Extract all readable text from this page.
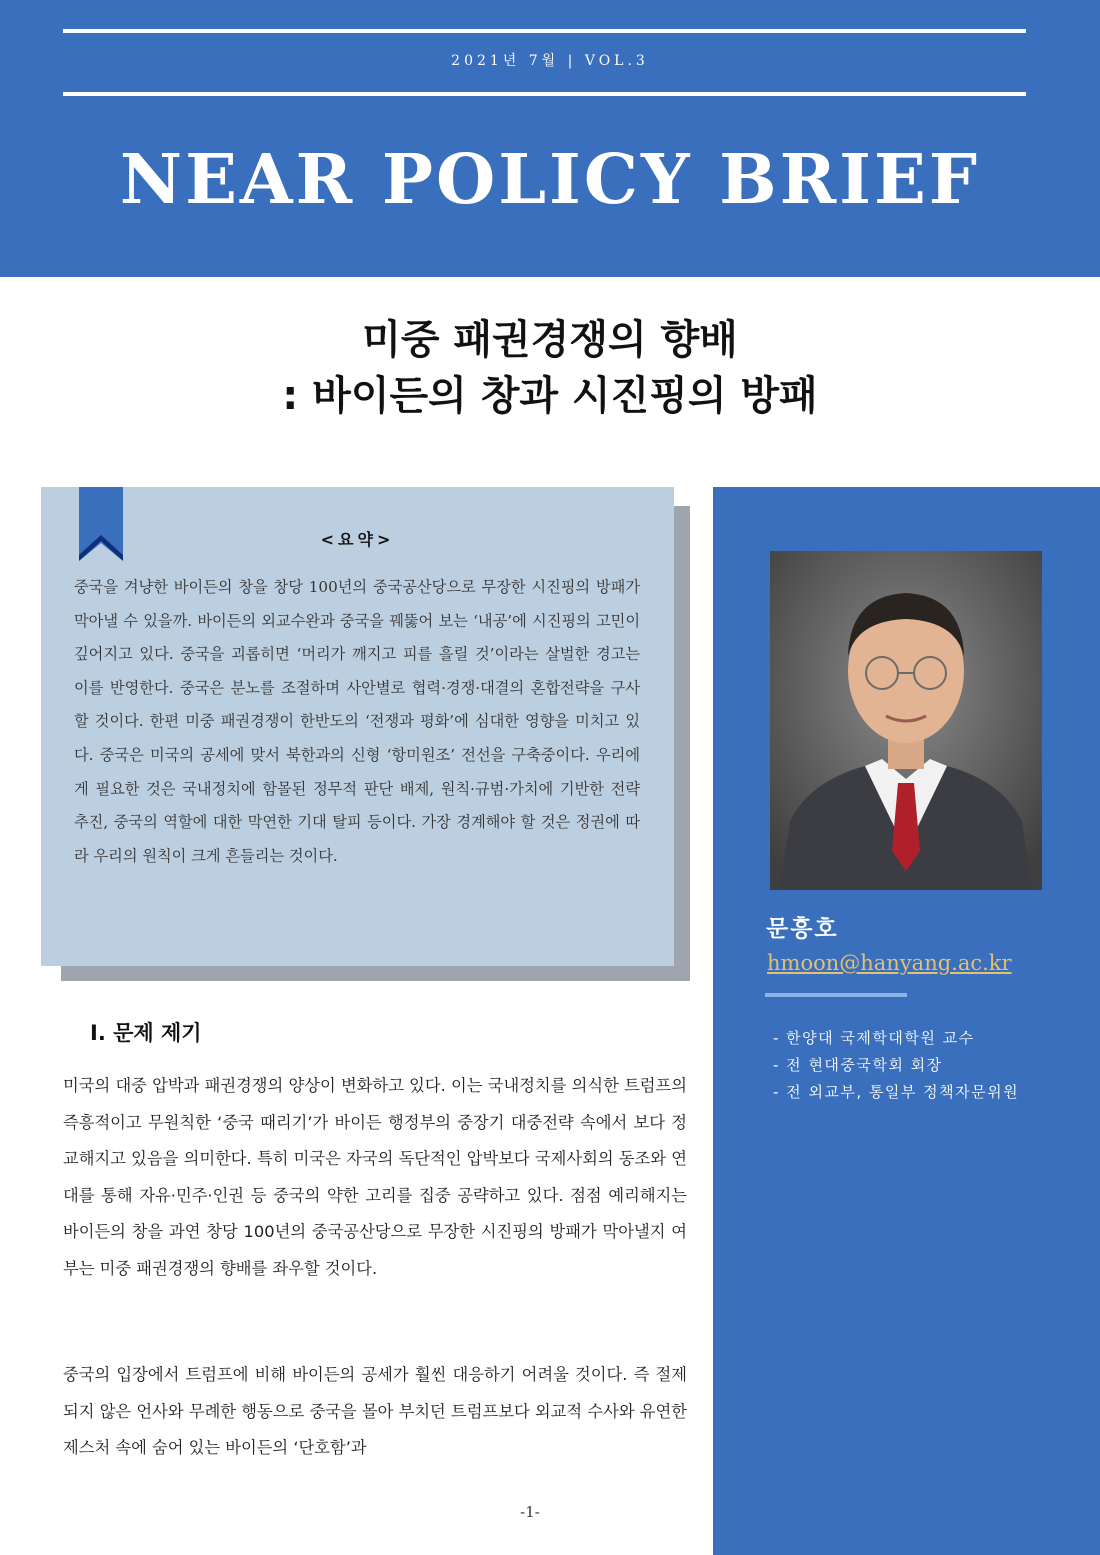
2021년 7월 | VOL.3
NEAR POLICY BRIEF
미중 패권경쟁의 향배
: 바이든의 창과 시진핑의 방패
문흥호
hmoon@hanyang.ac.kr
- 한양대 국제학대학원 교수
- 전 현대중국학회 회장
- 전 외교부, 통일부 정책자문위원
<요약>

중국을 겨냥한 바이든의 창을 창당 100년의 중국공산당으로 무장한 시진핑의 방패가 막아낼 수 있을까. 바이든의 외교수완과 중국을 꿰뚫어 보는 ‘내공’에 시진핑의 고민이 깊어지고 있다. 중국을 괴롭히면 ‘머리가 깨지고 피를 흘릴 것’이라는 살벌한 경고는 이를 반영한다. 중국은 분노를 조절하며 사안별로 협력·경쟁·대결의 혼합전략을 구사할 것이다. 한편 미중 패권경쟁이 한반도의 ‘전쟁과 평화’에 심대한 영향을 미치고 있다. 중국은 미국의 공세에 맞서 북한과의 신형 ‘항미원조’ 전선을 구축중이다. 우리에게 필요한 것은 국내정치에 함몰된 정무적 판단 배제, 원칙·규범·가치에 기반한 전략 추진, 중국의 역할에 대한 막연한 기대 탈피 등이다. 가장 경계해야 할 것은 정권에 따라 우리의 원칙이 크게 흔들리는 것이다.

I. 문제 제기

미국의 대중 압박과 패권경쟁의 양상이 변화하고 있다. 이는 국내정치를 의식한 트럼프의 즉흥적이고 무원칙한 ‘중국 때리기’가 바이든 행정부의 중장기 대중전략 속에서 보다 정교해지고 있음을 의미한다. 특히 미국은 자국의 독단적인 압박보다 국제사회의 동조와 연대를 통해 자유·민주·인권 등 중국의 약한 고리를 집중 공략하고 있다. 점점 예리해지는 바이든의 창을 과연 창당 100년의 중국공산당으로 무장한 시진핑의 방패가 막아낼지 여부는 미중 패권경쟁의 향배를 좌우할 것이다.

중국의 입장에서 트럼프에 비해 바이든의 공세가 훨씬 대응하기 어려울 것이다. 즉 절제되지 않은 언사와 무례한 행동으로 중국을 몰아 부치던 트럼프보다 외교적 수사와 유연한 제스처 속에 숨어 있는 바이든의 ‘단호함’과

-1-
